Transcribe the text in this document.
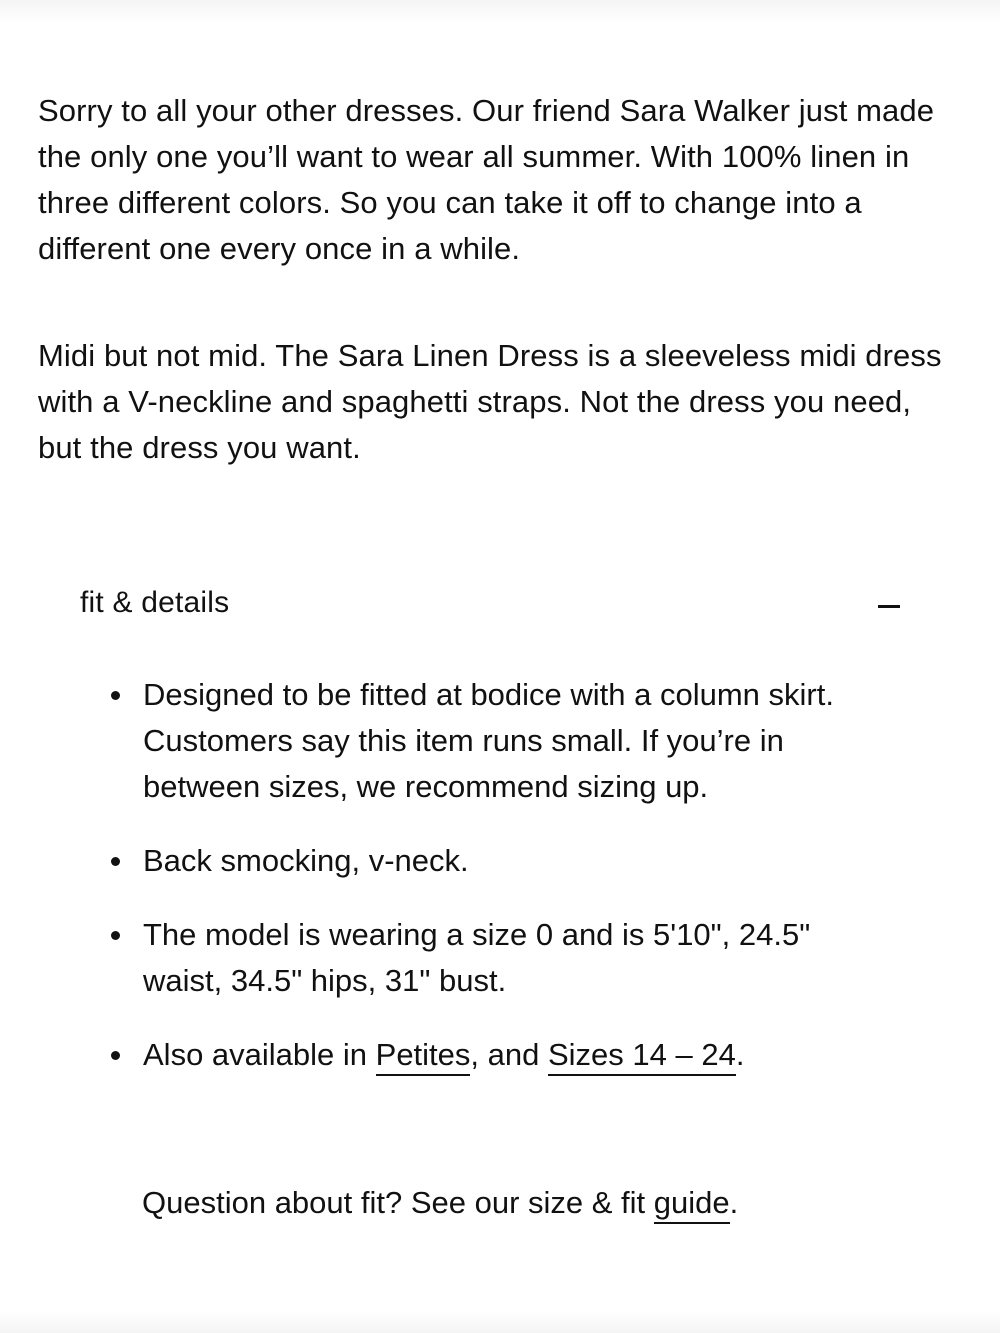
Sorry to all your other dresses. Our friend Sara Walker just made the only one you’ll want to wear all summer. With 100% linen in three different colors. So you can take it off to change into a different one every once in a while.

Midi but not mid. The Sara Linen Dress is a sleeveless midi dress with a V-neckline and spaghetti straps. Not the dress you need, but the dress you want.

fit & details
Designed to be fitted at bodice with a column skirt. Customers say this item runs small. If you’re in between sizes, we recommend sizing up.
Back smocking, v-neck.
The model is wearing a size 0 and is 5'10", 24.5" waist, 34.5" hips, 31" bust.
Also available in Petites, and Sizes 14 – 24.
Question about fit? See our size & fit guide.
